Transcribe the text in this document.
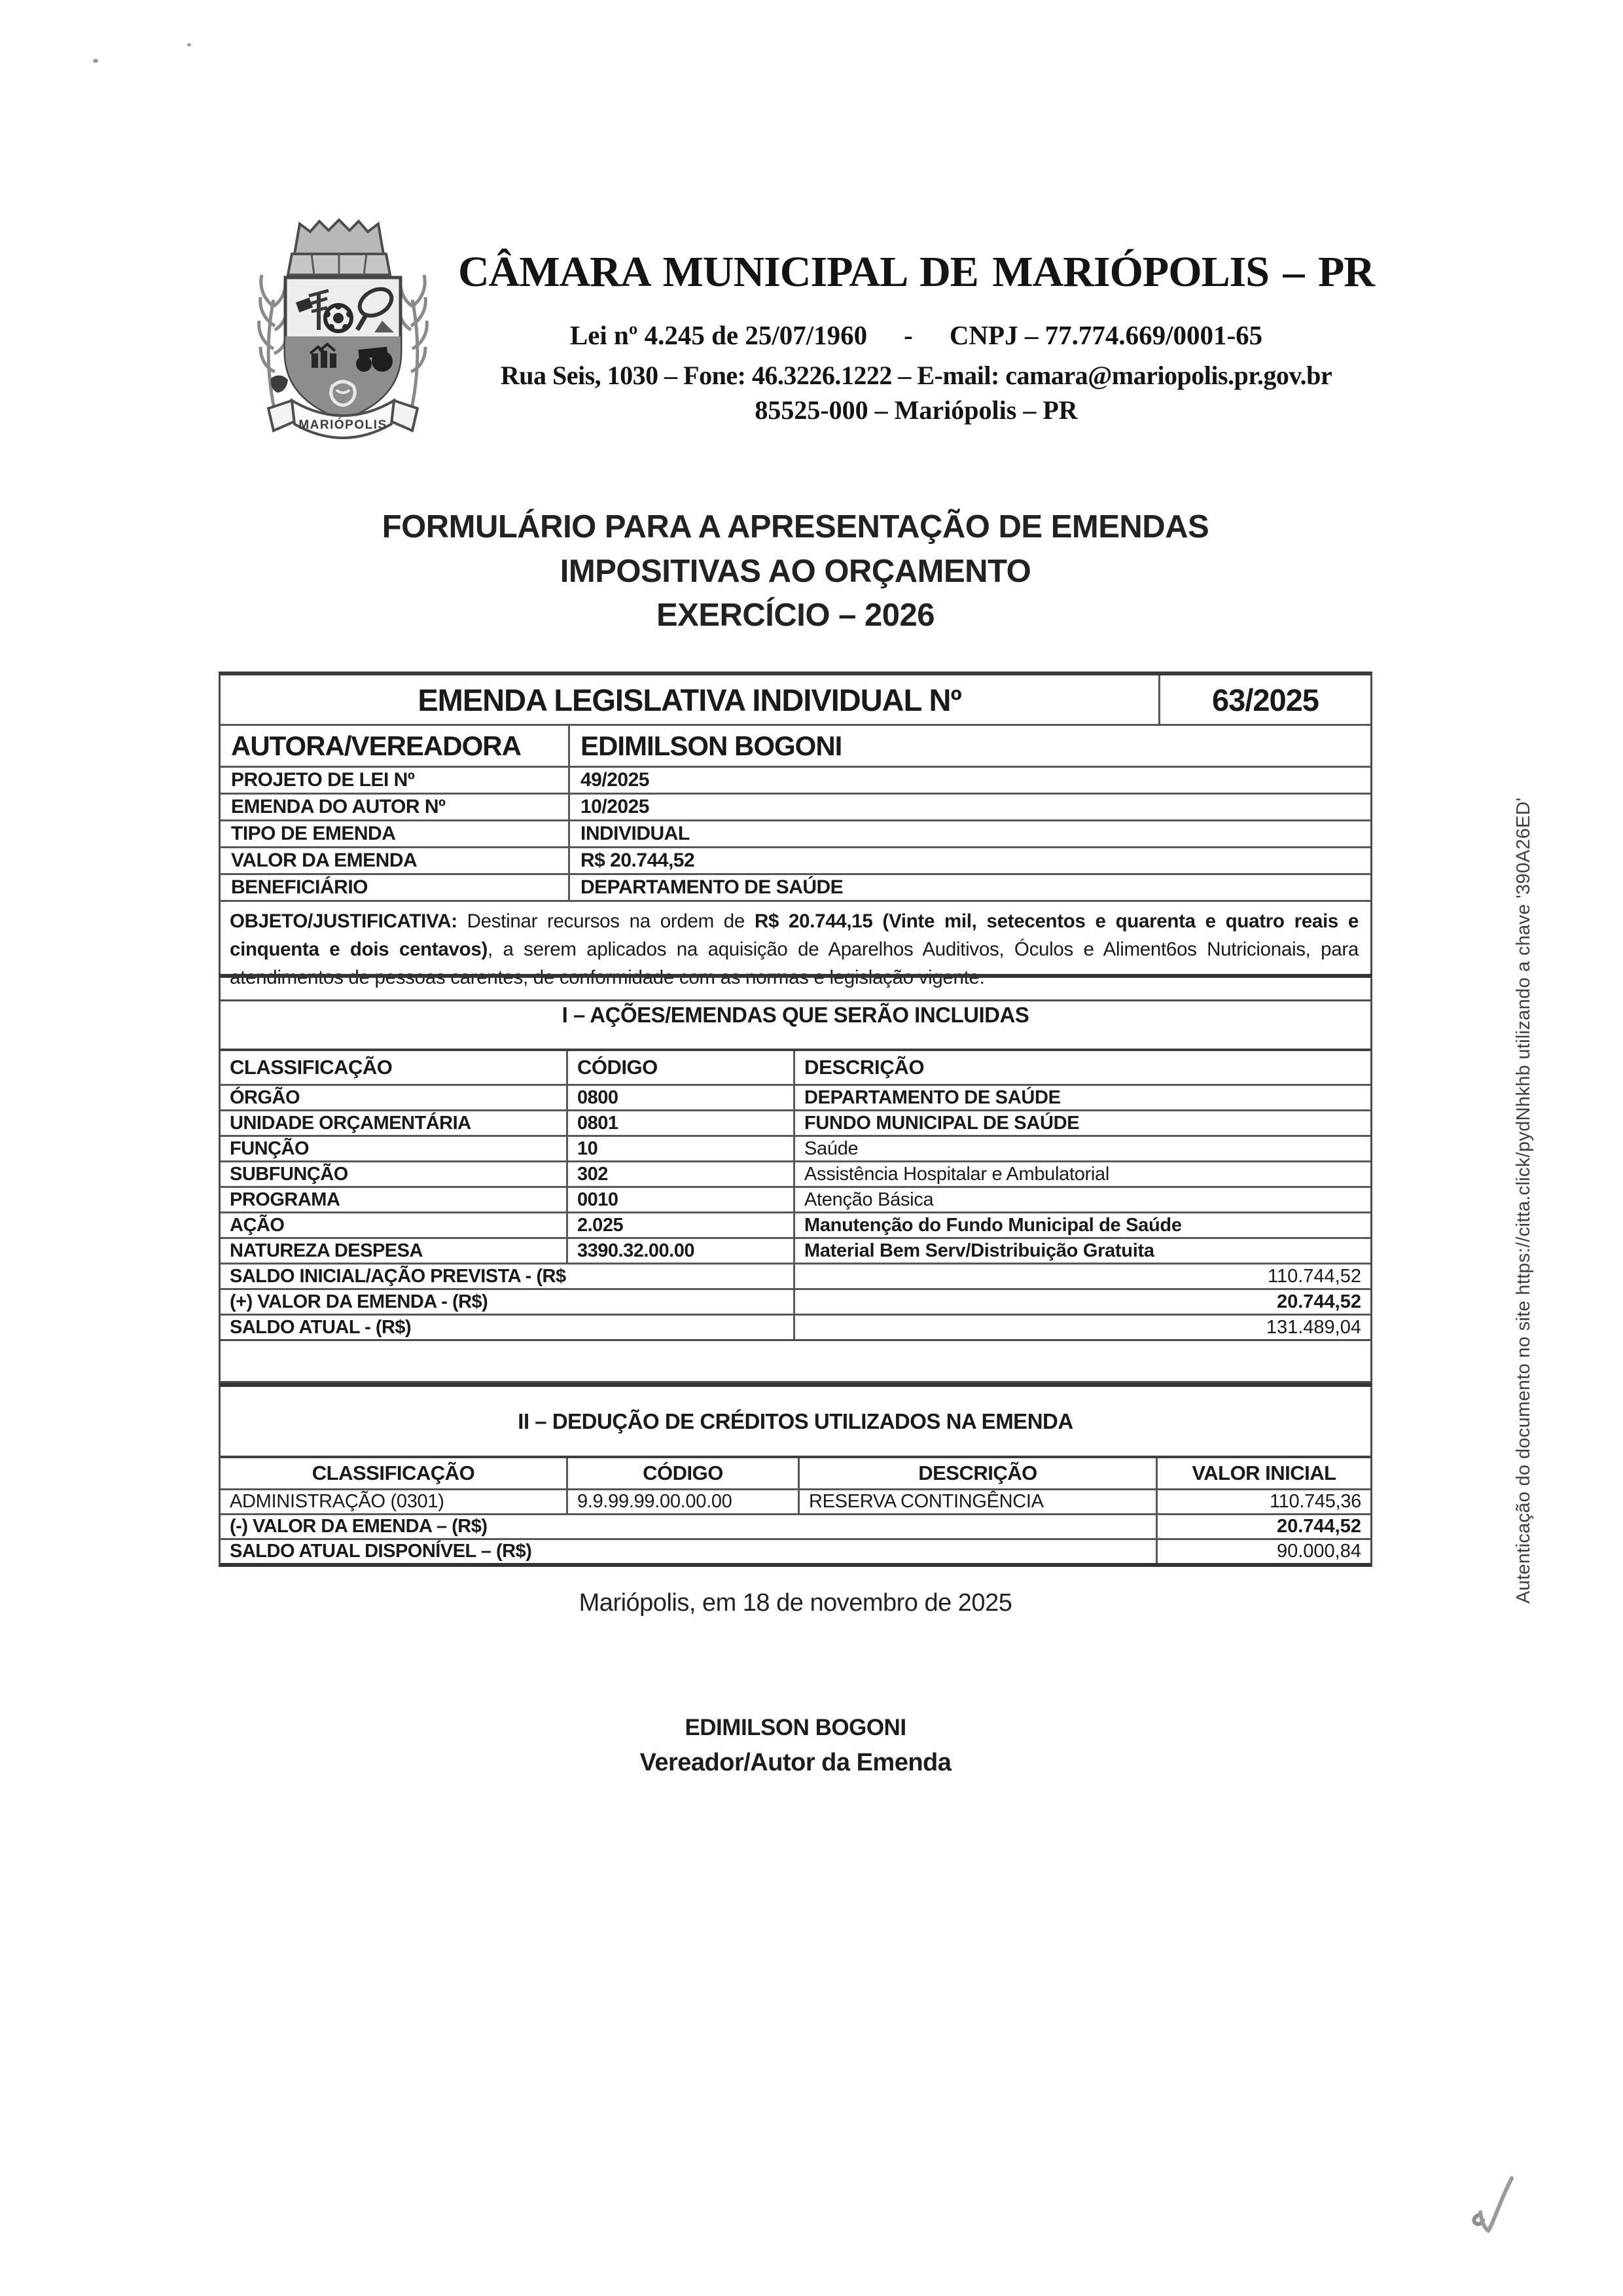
MARIÓPOLIS
CÂMARA MUNICIPAL DE MARIÓPOLIS – PR
Lei nº 4.245 de 25/07/1960 - CNPJ – 77.774.669/0001-65
Rua Seis, 1030 – Fone: 46.3226.1222 – E-mail: camara@mariopolis.pr.gov.br
85525-000 – Mariópolis – PR
FORMULÁRIO PARA A APRESENTAÇÃO DE EMENDAS
IMPOSITIVAS AO ORÇAMENTO
EXERCÍCIO – 2026
EMENDA LEGISLATIVA INDIVIDUAL Nº	63/2025
AUTORA/VEREADORA	EDIMILSON BOGONI
PROJETO DE LEI Nº	49/2025
EMENDA DO AUTOR Nº	10/2025
TIPO DE EMENDA	INDIVIDUAL
VALOR DA EMENDA	R$ 20.744,52
BENEFICIÁRIO	DEPARTAMENTO DE SAÚDE
OBJETO/JUSTIFICATIVA: Destinar recursos na ordem de R$ 20.744,15 (Vinte mil, setecentos e quarenta e quatro reais e cinquenta e dois centavos), a serem aplicados na aquisição de Aparelhos Auditivos, Óculos e Aliment6os Nutricionais, para atendimentos de pessoas carentes, de conformidade com as normas e legislação vigente.
I – AÇÕES/EMENDAS QUE SERÃO INCLUIDAS
CLASSIFICAÇÃO	CÓDIGO	DESCRIÇÃO
ÓRGÃO	0800	DEPARTAMENTO DE SAÚDE
UNIDADE ORÇAMENTÁRIA	0801	FUNDO MUNICIPAL DE SAÚDE
FUNÇÃO	10	Saúde
SUBFUNÇÃO	302	Assistência Hospitalar e Ambulatorial
PROGRAMA	0010	Atenção Básica
AÇÃO	2.025	Manutenção do Fundo Municipal de Saúde
NATUREZA DESPESA	3390.32.00.00	Material Bem Serv/Distribuição Gratuita
SALDO INICIAL/AÇÃO PREVISTA - (R$	110.744,52
(+) VALOR DA EMENDA - (R$)	20.744,52
SALDO ATUAL - (R$)	131.489,04
II – DEDUÇÃO DE CRÉDITOS UTILIZADOS NA EMENDA
CLASSIFICAÇÃO	CÓDIGO	DESCRIÇÃO	VALOR INICIAL
ADMINISTRAÇÃO (0301)	9.9.99.99.00.00.00	RESERVA CONTINGÊNCIA	110.745,36
(-) VALOR DA EMENDA – (R$)	20.744,52
SALDO ATUAL DISPONÍVEL – (R$)	90.000,84
Mariópolis, em 18 de novembro de 2025
EDIMILSON BOGONI
Vereador/Autor da Emenda
Autenticação do documento no site https://citta.click/pydNhkhb utilizando a chave '390A26ED'
